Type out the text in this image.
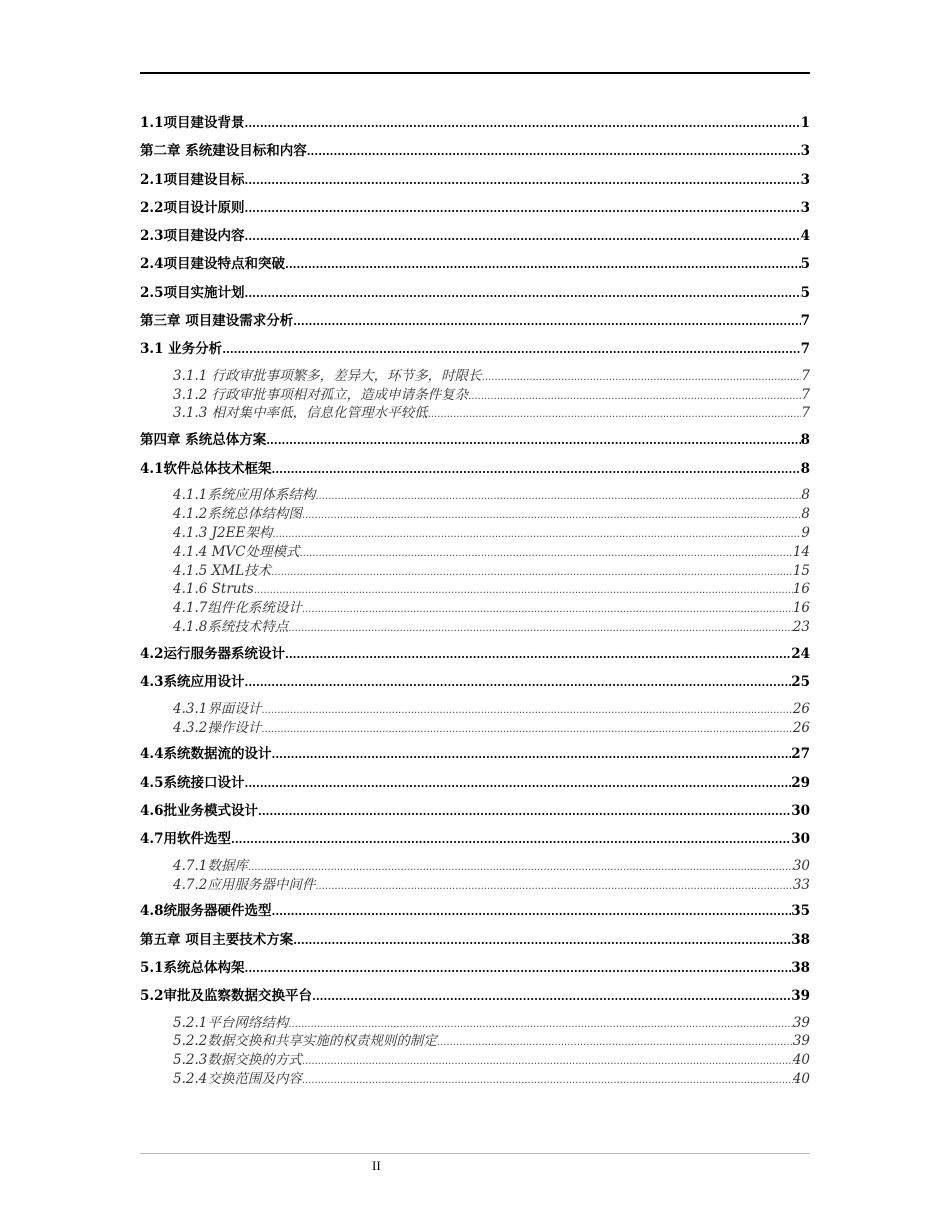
1.1项目建设背景 .....	1
第二章 系统建设目标和内容 .....	3
2.1项目建设目标 .....	3
2.2项目设计原则 .....	3
2.3项目建设内容 .....	4
2.4项目建设特点和突破 .....	5
2.5项目实施计划 .....	5
第三章 项目建设需求分析 .....	7
3.1 业务分析 .....	7
3.1.1 行政审批事项繁多，差异大，环节多，时限长 .....	7
3.1.2 行政审批事项相对孤立，造成申请条件复杂 .....	7
3.1.3 相对集中率低，信息化管理水平较低 .....	7
第四章 系统总体方案 .....	8
4.1软件总体技术框架 .....	8
4.1.1系统应用体系结构 .....	8
4.1.2系统总体结构图 .....	8
4.1.3 J2EE架构 .....	9
4.1.4 MVC处理模式 .....	14
4.1.5 XML技术 .....	15
4.1.6 Struts .....	16
4.1.7组件化系统设计 .....	16
4.1.8系统技术特点 .....	23
4.2运行服务器系统设计 .....	24
4.3系统应用设计 .....	25
4.3.1界面设计 .....	26
4.3.2操作设计 .....	26
4.4系统数据流的设计 .....	27
4.5系统接口设计 .....	29
4.6批业务模式设计 .....	30
4.7用软件选型 .....	30
4.7.1数据库 .....	30
4.7.2应用服务器中间件 .....	33
4.8统服务器硬件选型 .....	35
第五章 项目主要技术方案 .....	38
5.1系统总体构架 .....	38
5.2审批及监察数据交换平台 .....	39
5.2.1平台网络结构 .....	39
5.2.2数据交换和共享实施的权责规则的制定 .....	39
5.2.3数据交换的方式 .....	40
5.2.4交换范围及内容 .....	40
II
